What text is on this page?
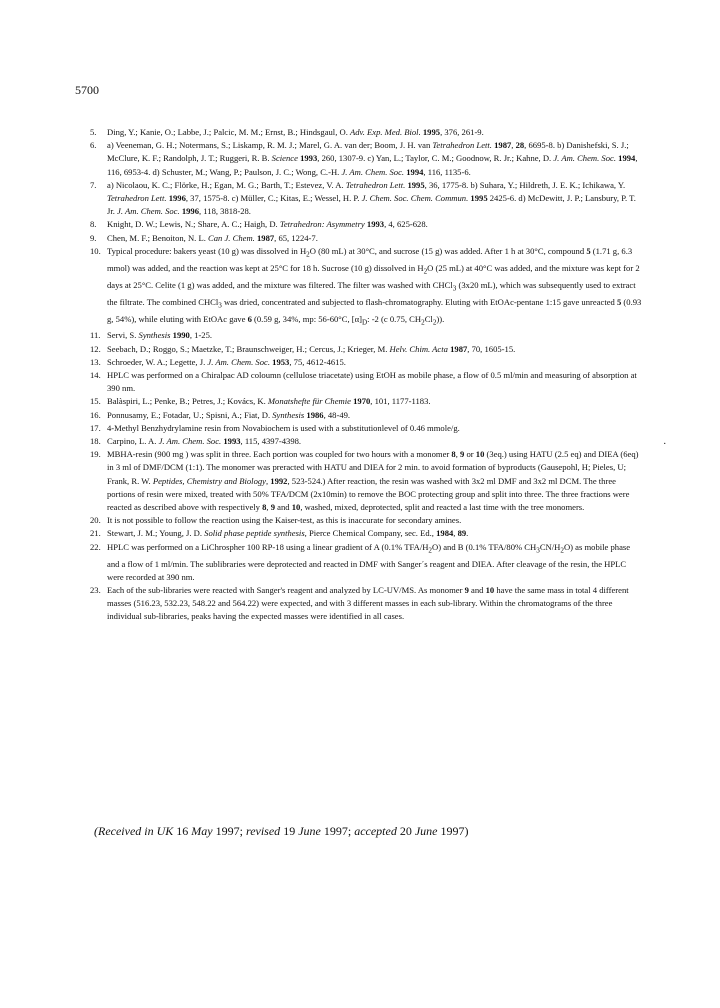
5700
5.	Ding, Y.; Kanie, O.; Labbe, J.; Palcic, M. M.; Ernst, B.; Hindsgaul, O. Adv. Exp. Med. Biol. 1995, 376, 261-9.
6.	a) Veeneman, G. H.; Notermans, S.; Liskamp, R. M. J.; Marel, G. A. van der; Boom, J. H. van Tetrahedron Lett. 1987, 28, 6695-8. b) Danishefski, S. J.; McClure, K. F.; Randolph, J. T.; Ruggeri, R. B. Science 1993, 260, 1307-9. c) Yan, L.; Taylor, C. M.; Goodnow, R. Jr.; Kahne, D. J. Am. Chem. Soc. 1994, 116, 6953-4. d) Schuster, M.; Wang, P.; Paulson, J. C.; Wong, C.-H. J. Am. Chem. Soc. 1994, 116, 1135-6.
7.	a) Nicolaou, K. C.; Flörke, H.; Egan, M. G.; Barth, T.; Estevez, V. A. Tetrahedron Lett. 1995, 36, 1775-8. b) Suhara, Y.; Hildreth, J. E. K.; Ichikawa, Y. Tetrahedron Lett. 1996, 37, 1575-8. c) Müller, C.; Kitas, E.; Wessel, H. P. J. Chem. Soc. Chem. Commun. 1995 2425-6. d) McDewitt, J. P.; Lansbury, P. T. Jr. J. Am. Chem. Soc. 1996, 118, 3818-28.
8.	Knight, D. W.; Lewis, N.; Share, A. C.; Haigh, D. Tetrahedron: Asymmetry 1993, 4, 625-628.
9.	Chen, M. F.; Benoiton, N. L. Can J. Chem. 1987, 65, 1224-7.
10. Typical procedure: bakers yeast (10 g) was dissolved in $H_2O$ (80 mL) at 30°C, and sucrose (15 g) was added. After 1 h at 30°C, compound 5 (1.71 g, 6.3 mmol) was added, and the reaction was kept at 25°C for 18 h. Sucrose (10 g) dissolved in $H_2O$ (25 mL) at 40°C was added, and the mixture was kept for 2 days at 25°C. Celite (1 g) was added, and the mixture was filtered. The filter was washed with CHCl$_3$ (3x20 mL), which was subsequently used to extract the filtrate. The combined CHCl$_3$ was dried, concentrated and subjected to flash-chromatography. Eluting with EtOAc-pentane 1:15 gave unreacted 5 (0.93 g, 54%), while eluting with EtOAc gave 6 (0.59 g, 34%, mp: 56-60°C, $[\alpha]_D$: -2 (c 0.75, $CH_2Cl_2$)).
11. Servi, S. Synthesis 1990, 1-25.
12. Seebach, D.; Roggo, S.; Maetzke, T.; Braunschweiger, H.; Cercus, J.; Krieger, M. Helv. Chim. Acta 1987, 70, 1605-15.
13. Schroeder, W. A.; Legette, J. J. Am. Chem. Soc. 1953, 75, 4612-4615.
14. HPLC was performed on a Chiralpac AD coloumn (cellulose triacetate) using EtOH as mobile phase, a flow of 0.5 ml/min and measuring of absorption at 390 nm.
15. Balàspiri, L.; Penke, B.; Petres, J.; Kovács, K. Monatshefte für Chemie 1970, 101, 1177-1183.
16. Ponnusamy, E.; Fotadar, U.; Spisni, A.; Fiat, D. Synthesis 1986, 48-49.
17. 4-Methyl Benzhydrylamine resin from Novabiochem is used with a substitutionlevel of 0.46 mmole/g.
18. Carpino, L. A. J. Am. Chem. Soc. 1993, 115, 4397-4398.	.
19. MBHA-resin (900 mg ) was split in three. Each portion was coupled for two hours with a monomer 8, 9 or 10 (3eq.) using HATU (2.5 eq) and DIEA (6eq) in 3 ml of DMF/DCM (1:1). The monomer was preracted with HATU and DIEA for 2 min. to avoid formation of byproducts (Gausepohl, H; Pieles, U; Frank, R. W. Peptides, Chemistry and Biology, 1992, 523-524.) After reaction, the resin was washed with 3x2 ml DMF and 3x2 ml DCM. The three portions of resin were mixed, treated with 50% TFA/DCM (2x10min) to remove the BOC protecting group and split into three. The three fractions were reacted as described above with respectively 8, 9 and 10, washed, mixed, deprotected, split and reacted a last time with the tree monomers.
20. It is not possible to follow the reaction using the Kaiser-test, as this is inaccurate for secondary amines.
21. Stewart, J. M.; Young, J. D. Solid phase peptide synthesis, Pierce Chemical Company, sec. Ed., 1984, 89.
22. HPLC was performed on a LiChrospher 100 RP-18 using a linear gradient of A (0.1% TFA/$H_2O$) and B (0.1% TFA/80% $CH_3CN/H_2O$) as mobile phase and a flow of 1 ml/min. The sublibraries were deprotected and reacted in DMF with Sanger´s reagent and DIEA. After cleavage of the resin, the HPLC were recorded at 390 nm.
23. Each of the sub-libraries were reacted with Sanger's reagent and analyzed by LC-UV/MS. As monomer 9 and 10 have the same mass in total 4 different masses (516.23, 532.23, 548.22 and 564.22) were expected, and with 3 different masses in each sub-library. Within the chromatograms of the three individual sub-libraries, peaks having the expected masses were identified in all cases.
(Received in UK 16 May 1997; revised 19 June 1997; accepted 20 June 1997)
